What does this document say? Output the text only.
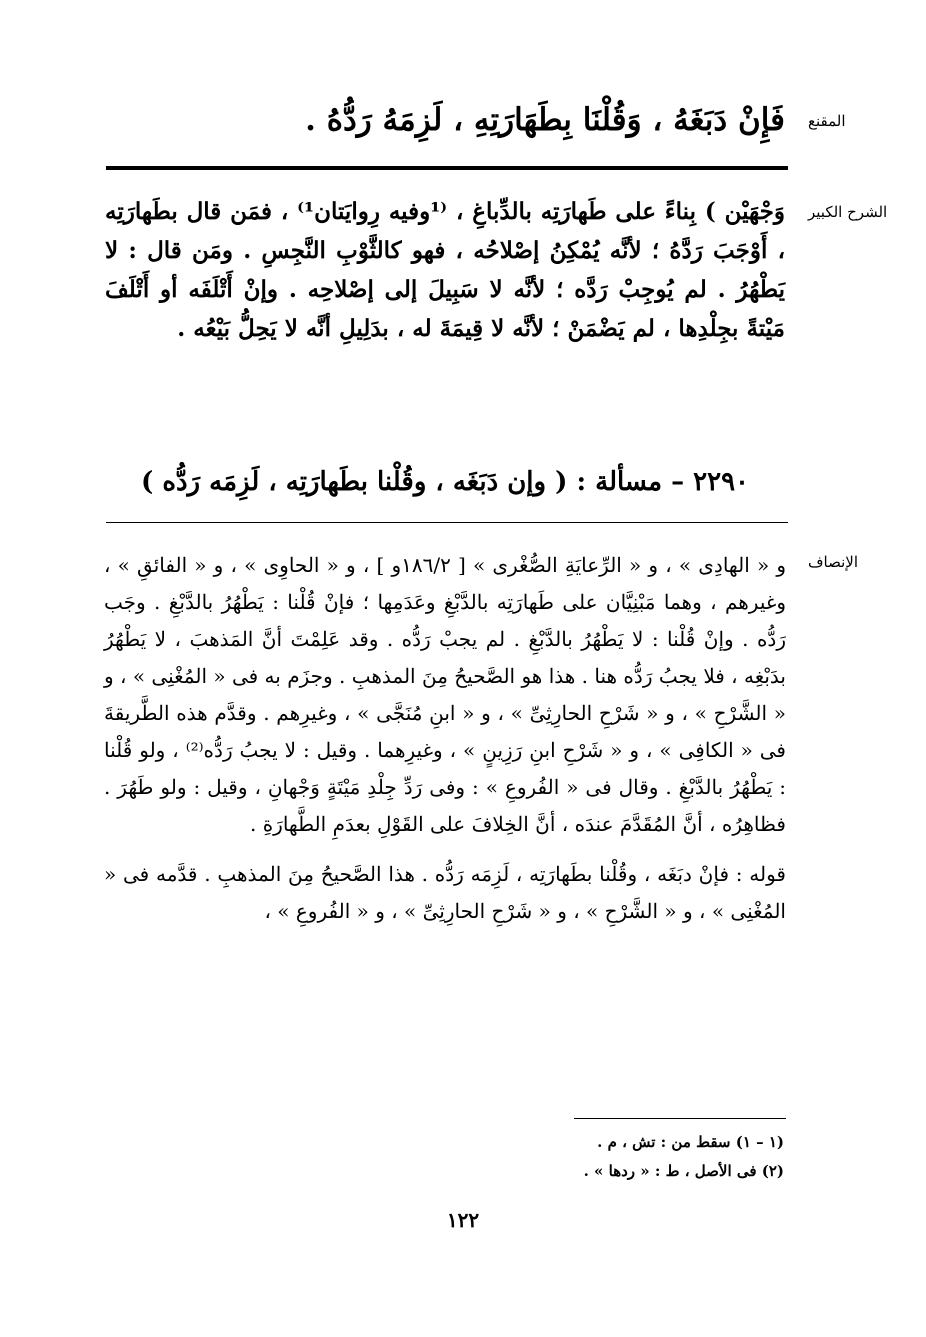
المقنع
فَإِنْ دَبَغَهُ ، وَقُلْنَا بِطَهَارَتِهِ ، لَزِمَهُ رَدُّهُ .
الشرح الكبير
وَجْهَيْن ) بِناءً على طَهارَتِه بالدِّباغِ ، ⁽¹وفيه رِوايَتان¹⁾ ، فمَن قال بطَهارَتِه ، أَوْجَبَ رَدَّهُ ؛ لأنَّه يُمْكِنُ إصْلاحُه ، فهو كالثَّوْبِ النَّجِسِ . ومَن قال : لا يَطْهُرُ . لم يُوجِبْ رَدَّه ؛ لأنَّه لا سَبِيلَ إلى إصْلاحِه . وإنْ أَتْلَفَه أو أَتْلَفَ مَيْتةً بجِلْدِها ، لم يَضْمَنْ ؛ لأنَّه لا قِيمَةَ له ، بدَلِيلِ أنَّه لا يَحِلُّ بَيْعُه .
٢٢٩٠ – مسألة : ( وإن دَبَغَه ، وقُلْنا بطَهارَتِه ، لَزِمَه رَدُّه )
الإنصاف

و « الهادِى » ، و « الرِّعايَةِ الصُّغْرى » [ ١٨٦/٢و ] ، و « الحاوِى » ، و « الفائقِ » ، وغيرهم ، وهما مَبْنِيَّان على طَهارَتِه بالدَّبْغِ وعَدَمِها ؛ فإنْ قُلْنا : يَطْهُرُ بالدَّبْغِ . وجَب رَدُّه . وإنْ قُلْنا : لا يَطْهُرُ بالدَّبْغِ . لم يجبْ رَدُّه . وقد عَلِمْتَ أنَّ المَذهبَ ، لا يَطْهُرُ بدَبْغِه ، فلا يجبُ رَدُّه هنا . هذا هو الصَّحيحُ مِنَ المذهبِ . وجزَم به فى « المُغْنِى » ، و « الشَّرْحِ » ، و « شَرْحِ الحارِثِىِّ » ، و « ابنِ مُنَجَّى » ، وغيرِهم . وقدَّم هذه الطَّريقةَ فى « الكافِى » ، و « شَرْحِ ابنِ رَزِينٍ » ، وغيرِهما . وقيل : لا يجبُ رَدُّه⁽²⁾ ، ولو قُلْنا : يَطْهُرُ بالدَّبْغِ . وقال فى « الفُروعِ » : وفى رَدِّ جِلْدِ مَيْتَةٍ وَجْهانِ ، وقيل : ولو طَهُرَ . فظاهِرُه ، أنَّ المُقَدَّمَ عندَه ، أنَّ الخِلافَ على القَوْلِ بعدَمِ الطَّهارَةِ .

قوله : فإنْ دبَغَه ، وقُلْنا بطَهارَتِه ، لَزِمَه رَدُّه . هذا الصَّحيحُ مِنَ المذهبِ . قدَّمه فى « المُغْنِى » ، و « الشَّرْحِ » ، و « شَرْحِ الحارِثِىِّ » ، و « الفُروعِ » ،

(١ – ١) سقط من : تش ، م .
(٢) فى الأصل ، ط : « ردها » .
١٢٢
